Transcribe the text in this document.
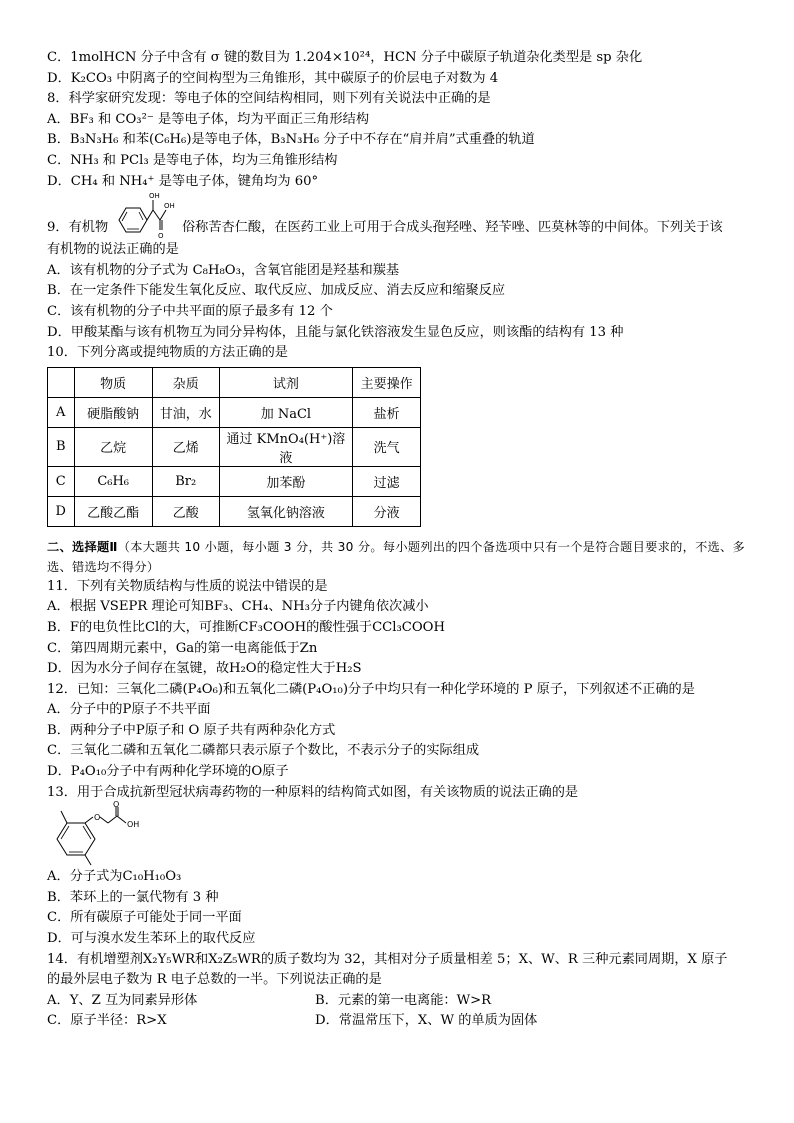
C．1molHCN 分子中含有 σ 键的数目为 1.204×10²⁴，HCN 分子中碳原子轨道杂化类型是 sp 杂化
D．K₂CO₃ 中阴离子的空间构型为三角锥形，其中碳原子的价层电子对数为 4
8．科学家研究发现：等电子体的空间结构相同，则下列有关说法中正确的是
A．BF₃ 和 CO₃²⁻ 是等电子体，均为平面正三角形结构
B．B₃N₃H₆ 和苯(C₆H₆)是等电子体，B₃N₃H₆ 分子中不存在“肩并肩”式重叠的轨道
C．NH₃ 和 PCl₃ 是等电子体，均为三角锥形结构
D．CH₄ 和 NH₄⁺ 是等电子体，键角均为 60°
9．有机物
OH
OH
O
俗称苦杏仁酸，在医药工业上可用于合成头孢羟唑、羟苄唑、匹莫林等的中间体。下列关于该
有机物的说法正确的是
A．该有机物的分子式为 C₈H₈O₃，含氧官能团是羟基和羰基
B．在一定条件下能发生氧化反应、取代反应、加成反应、消去反应和缩聚反应
C．该有机物的分子中共平面的原子最多有 12 个
D．甲酸某酯与该有机物互为同分异构体，且能与氯化铁溶液发生显色反应，则该酯的结构有 13 种
10．下列分离或提纯物质的方法正确的是
	物质	杂质	试剂	主要操作
A	硬脂酸钠	甘油，水	加 NaCl	盐析
B	乙烷	乙烯	通过 KMnO₄(H⁺)溶液	洗气
C	C₆H₆	Br₂	加苯酚	过滤
D	乙酸乙酯	乙酸	氢氧化钠溶液	分液
二、选择题Ⅱ（本大题共 10 小题，每小题 3 分，共 30 分。每小题列出的四个备选项中只有一个是符合题目要求的，不选、多选、错选均不得分）
11．下列有关物质结构与性质的说法中错误的是
A．根据 VSEPR 理论可知BF₃、CH₄、NH₃分子内键角依次减小
B．F的电负性比Cl的大，可推断CF₃COOH的酸性强于CCl₃COOH
C．第四周期元素中，Ga的第一电离能低于Zn
D．因为水分子间存在氢键，故H₂O的稳定性大于H₂S
12．已知：三氧化二磷(P₄O₆)和五氧化二磷(P₄O₁₀)分子中均只有一种化学环境的 P 原子，下列叙述不正确的是
A．分子中的P原子不共平面
B．两种分子中P原子和 O 原子共有两种杂化方式
C．三氧化二磷和五氧化二磷都只表示原子个数比，不表示分子的实际组成
D．P₄O₁₀分子中有两种化学环境的O原子
13．用于合成抗新型冠状病毒药物的一种原料的结构简式如图，有关该物质的说法正确的是
O
O
OH
A．分子式为C₁₀H₁₀O₃
B．苯环上的一氯代物有 3 种
C．所有碳原子可能处于同一平面
D．可与溴水发生苯环上的取代反应
14．有机增塑剂X₂Y₅WR和X₂Z₅WR的质子数均为 32，其相对分子质量相差 5；X、W、R 三种元素同周期，X 原子
的最外层电子数为 R 电子总数的一半。下列说法正确的是
A．Y、Z 互为同素异形体	B．元素的第一电离能：W>R
C．原子半径：R>X	D．常温常压下，X、W 的单质为固体
